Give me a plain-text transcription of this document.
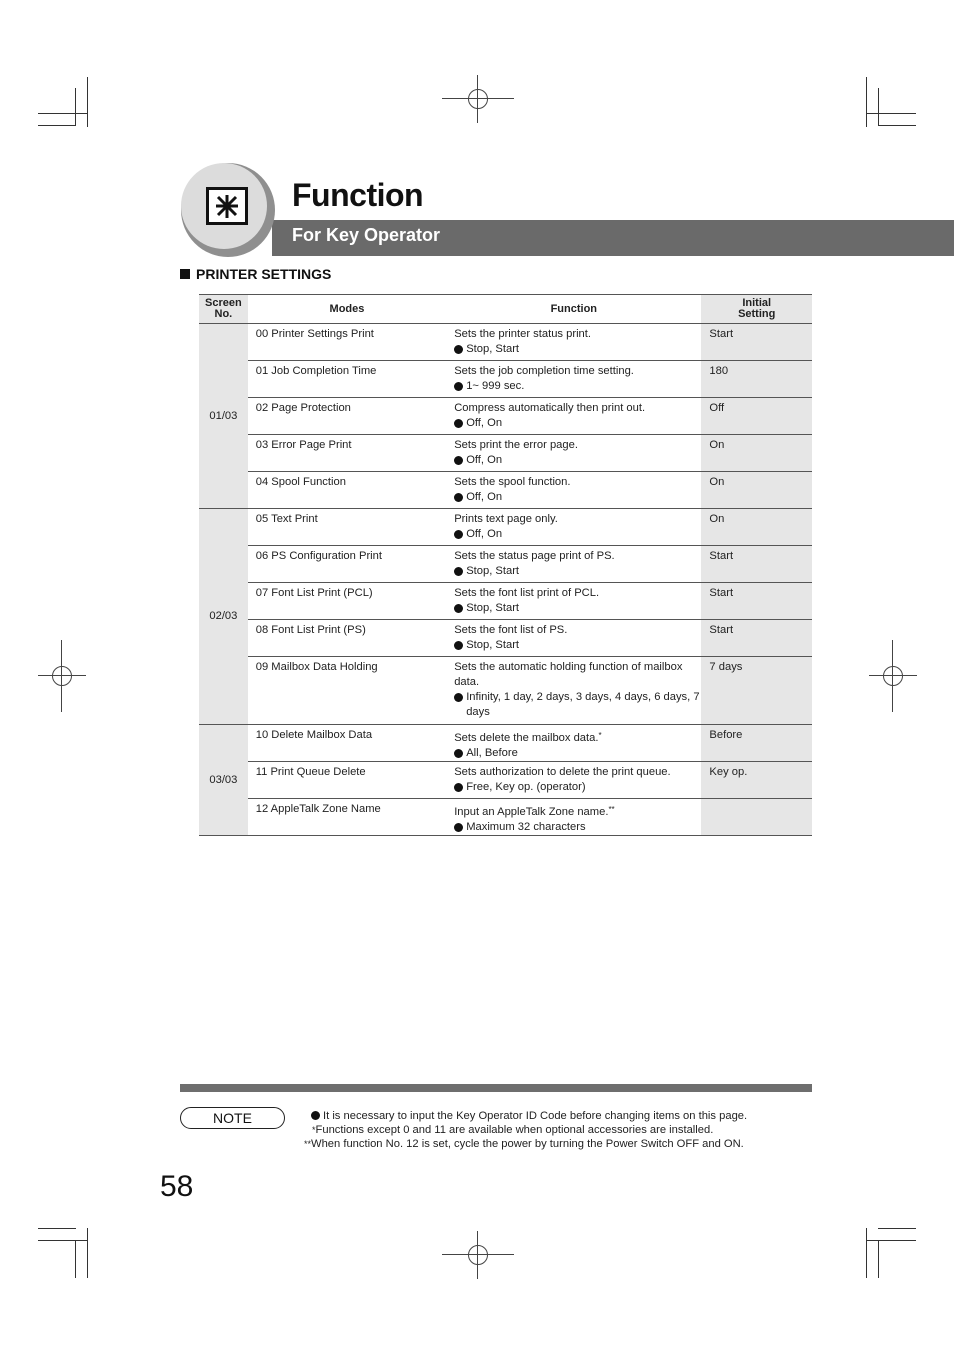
Function
For Key Operator
PRINTER SETTINGS
Screen
No.	Modes	Function	Initial
Setting
01/03	00 Printer Settings Print	Sets the printer status print.
Stop, Start	Start
	01 Job Completion Time	Sets the job completion time setting.
1~ 999 sec.	180
	02 Page Protection	Compress automatically then print out.
Off, On	Off
	03 Error Page Print	Sets print the error page.
Off, On	On
	04 Spool Function	Sets the spool function.
Off, On	On
02/03	05 Text Print	Prints text page only.
Off, On	On
	06 PS Configuration Print	Sets the status page print of PS.
Stop, Start	Start
	07 Font List Print (PCL)	Sets the font list print of PCL.
Stop, Start	Start
	08 Font List Print (PS)	Sets the font list of PS.
Stop, Start	Start
	09 Mailbox Data Holding	Sets the automatic holding function of mailbox data.
Infinity, 1 day, 2 days, 3 days, 4 days, 6 days, 7 days	7 days
03/03	10 Delete Mailbox Data	Sets delete the mailbox data.*
All, Before	Before
	11 Print Queue Delete	Sets authorization to delete the print queue.
Free, Key op. (operator)	Key op.
	12 AppleTalk Zone Name	Input an AppleTalk Zone name.**
Maximum 32 characters	

NOTE	It is necessary to input the Key Operator ID Code before changing items on this page.
*Functions except 0 and 11 are available when optional accessories are installed.
**When function No. 12 is set, cycle the power by turning the Power Switch OFF and ON.
58
